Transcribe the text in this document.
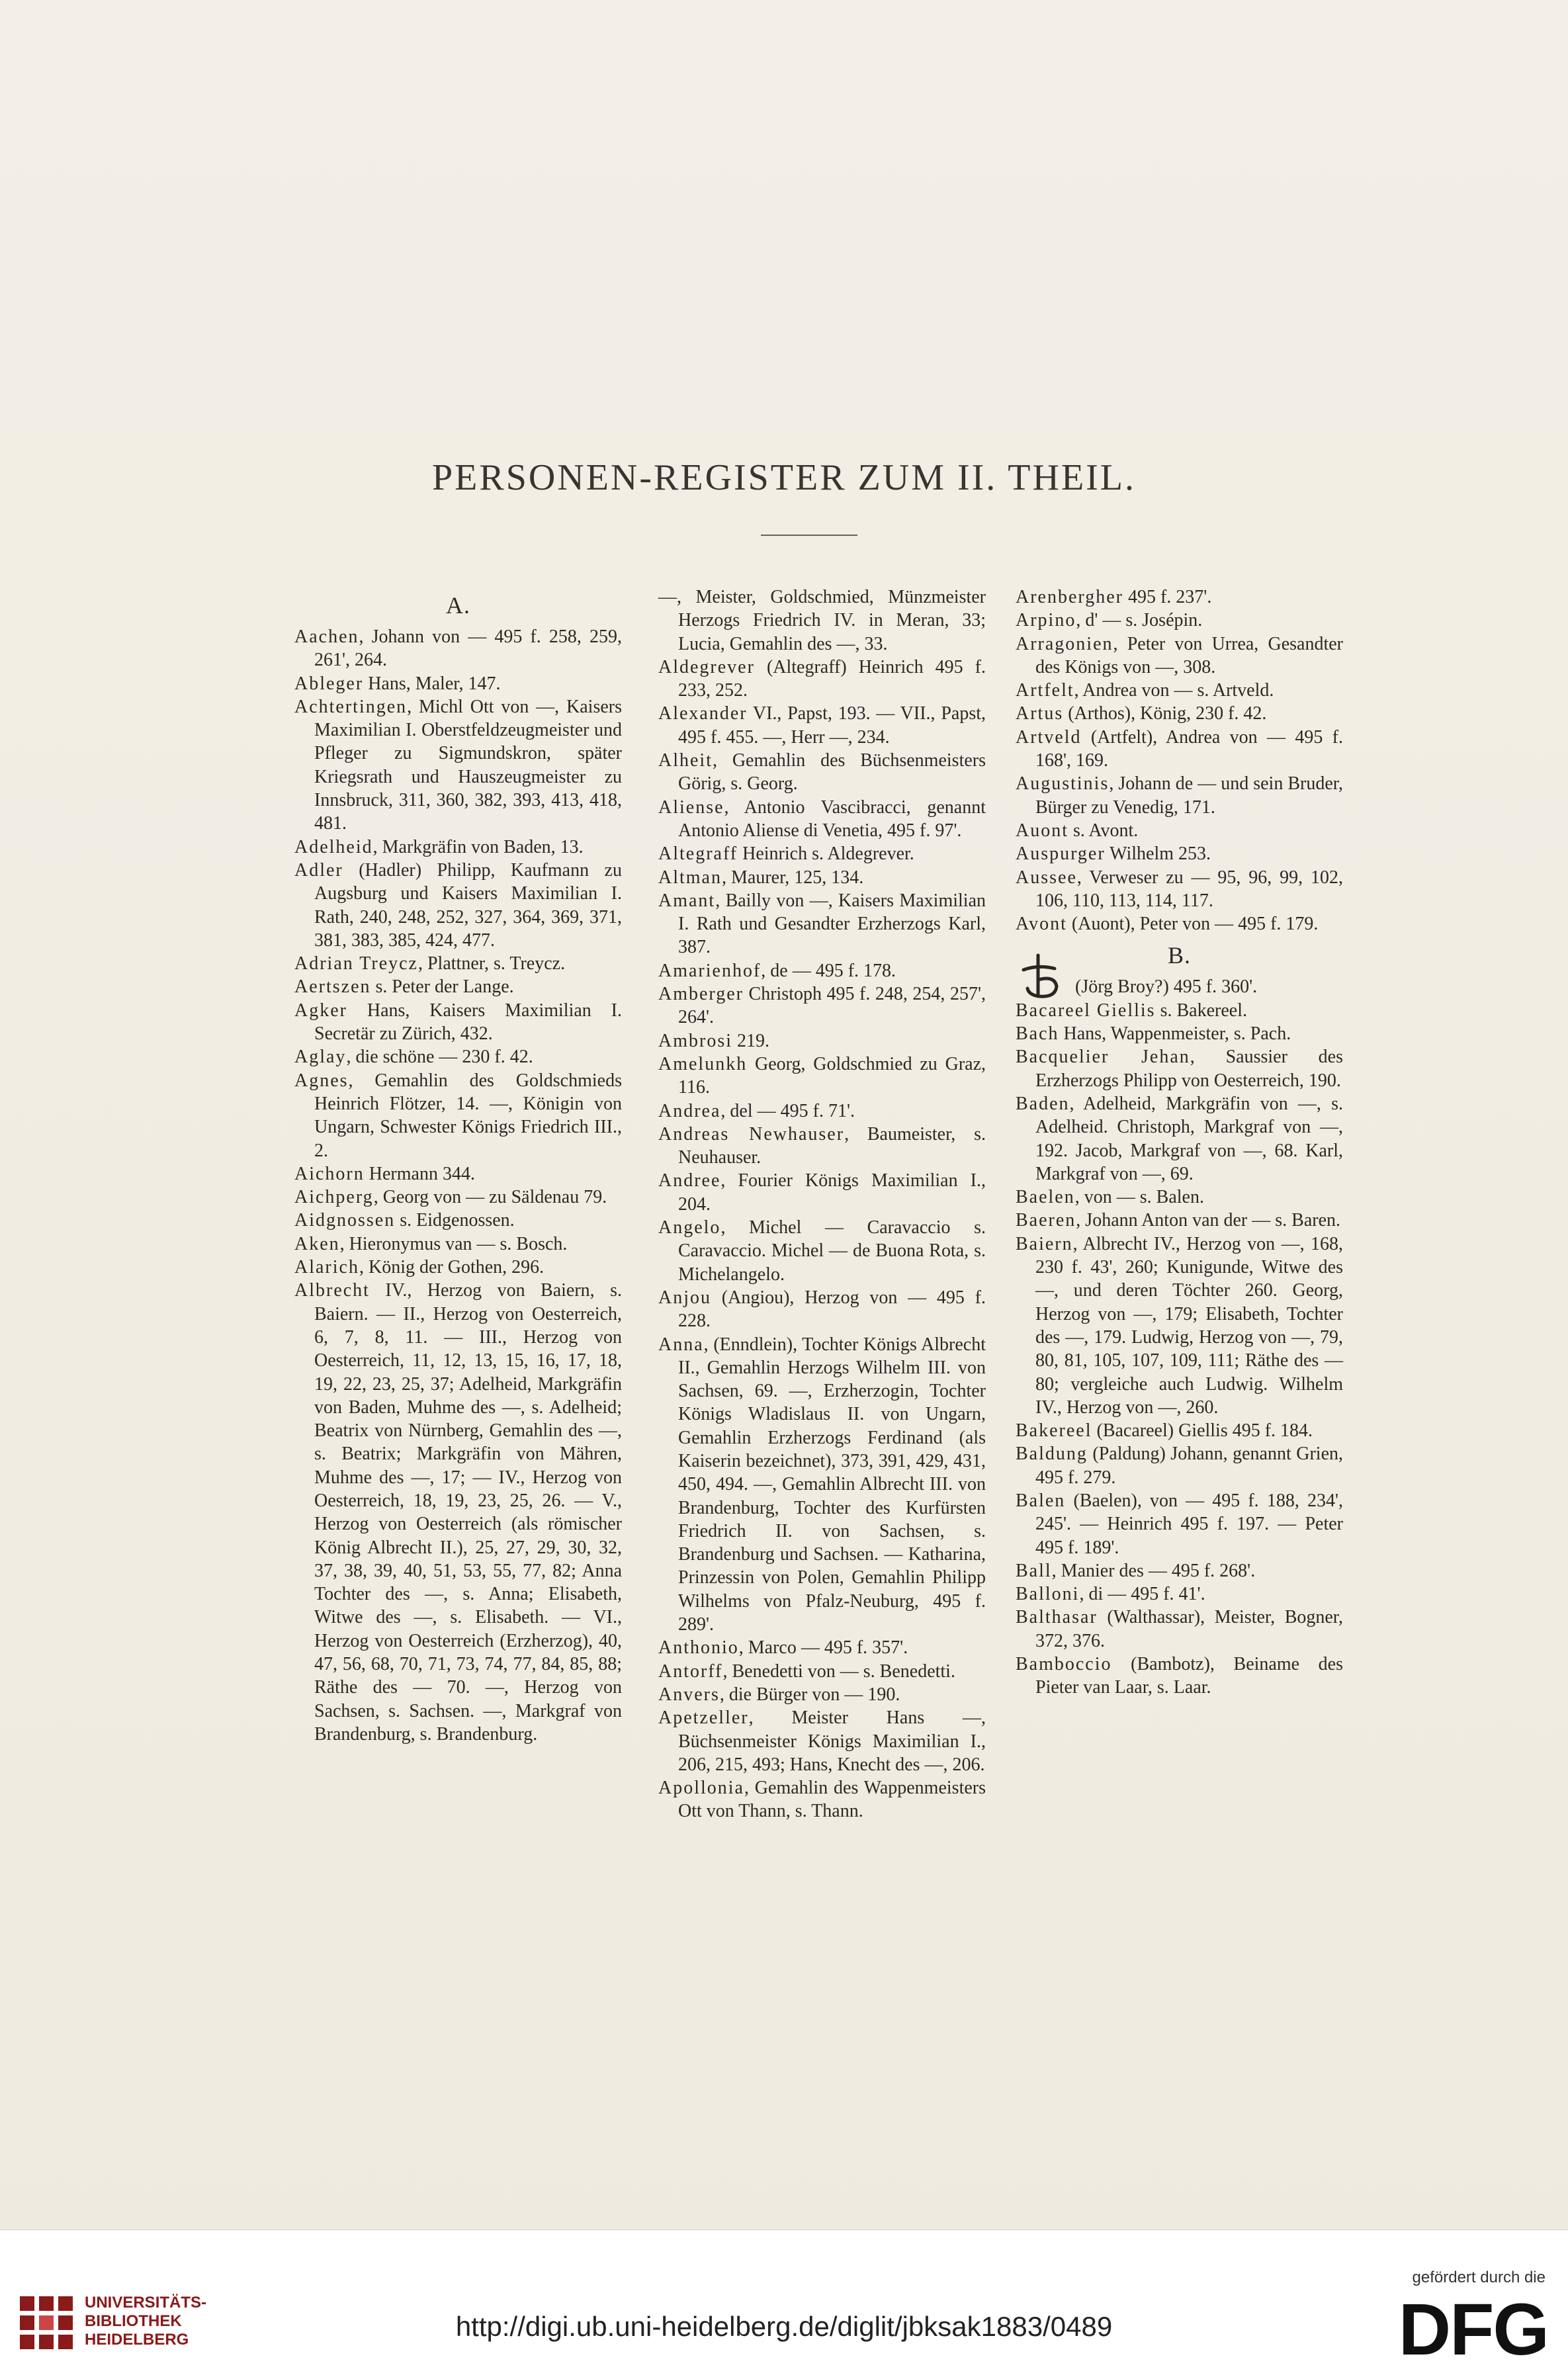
PERSONEN-REGISTER ZUM II. THEIL.
A.

Aachen, Johann von — 495 f. 258, 259, 261', 264.

Ableger Hans, Maler, 147.

Achtertingen, Michl Ott von —, Kaisers Maximilian I. Oberstfeldzeugmeister und Pfleger zu Sigmundskron, später Kriegsrath und Hauszeugmeister zu Innsbruck, 311, 360, 382, 393, 413, 418, 481.

Adelheid, Markgräfin von Baden, 13.

Adler (Hadler) Philipp, Kaufmann zu Augsburg und Kaisers Maximilian I. Rath, 240, 248, 252, 327, 364, 369, 371, 381, 383, 385, 424, 477.

Adrian Treycz, Plattner, s. Treycz.

Aertszen s. Peter der Lange.

Agker Hans, Kaisers Maximilian I. Secretär zu Zürich, 432.

Aglay, die schöne — 230 f. 42.

Agnes, Gemahlin des Goldschmieds Heinrich Flötzer, 14. —, Königin von Ungarn, Schwester Königs Friedrich III., 2.

Aichorn Hermann 344.

Aichperg, Georg von — zu Säldenau 79.

Aidgnossen s. Eidgenossen.

Aken, Hieronymus van — s. Bosch.

Alarich, König der Gothen, 296.

Albrecht IV., Herzog von Baiern, s. Baiern. — II., Herzog von Oesterreich, 6, 7, 8, 11. — III., Herzog von Oesterreich, 11, 12, 13, 15, 16, 17, 18, 19, 22, 23, 25, 37; Adelheid, Markgräfin von Baden, Muhme des —, s. Adelheid; Beatrix von Nürnberg, Gemahlin des —, s. Beatrix; Markgräfin von Mähren, Muhme des —, 17; — IV., Herzog von Oesterreich, 18, 19, 23, 25, 26. — V., Herzog von Oesterreich (als römischer König Albrecht II.), 25, 27, 29, 30, 32, 37, 38, 39, 40, 51, 53, 55, 77, 82; Anna Tochter des —, s. Anna; Elisabeth, Witwe des —, s. Elisabeth. — VI., Herzog von Oesterreich (Erzherzog), 40, 47, 56, 68, 70, 71, 73, 74, 77, 84, 85, 88; Räthe des — 70. —, Herzog von Sachsen, s. Sachsen. —, Markgraf von Brandenburg, s. Brandenburg.

—, Meister, Goldschmied, Münzmeister Herzogs Friedrich IV. in Meran, 33; Lucia, Gemahlin des —, 33.

Aldegrever (Altegraff) Heinrich 495 f. 233, 252.

Alexander VI., Papst, 193. — VII., Papst, 495 f. 455. —, Herr —, 234.

Alheit, Gemahlin des Büchsenmeisters Görig, s. Georg.

Aliense, Antonio Vascibracci, genannt Antonio Aliense di Venetia, 495 f. 97'.

Altegraff Heinrich s. Aldegrever.

Altman, Maurer, 125, 134.

Amant, Bailly von —, Kaisers Maximilian I. Rath und Gesandter Erzherzogs Karl, 387.

Amarienhof, de — 495 f. 178.

Amberger Christoph 495 f. 248, 254, 257', 264'.

Ambrosi 219.

Amelunkh Georg, Goldschmied zu Graz, 116.

Andrea, del — 495 f. 71'.

Andreas Newhauser, Baumeister, s. Neuhauser.

Andree, Fourier Königs Maximilian I., 204.

Angelo, Michel — Caravaccio s. Caravaccio. Michel — de Buona Rota, s. Michelangelo.

Anjou (Angiou), Herzog von — 495 f. 228.

Anna, (Enndlein), Tochter Königs Albrecht II., Gemahlin Herzogs Wilhelm III. von Sachsen, 69. —, Erzherzogin, Tochter Königs Wladislaus II. von Ungarn, Gemahlin Erzherzogs Ferdinand (als Kaiserin bezeichnet), 373, 391, 429, 431, 450, 494. —, Gemahlin Albrecht III. von Brandenburg, Tochter des Kurfürsten Friedrich II. von Sachsen, s. Brandenburg und Sachsen. — Katharina, Prinzessin von Polen, Gemahlin Philipp Wilhelms von Pfalz-Neuburg, 495 f. 289'.

Anthonio, Marco — 495 f. 357'.

Antorff, Benedetti von — s. Benedetti.

Anvers, die Bürger von — 190.

Apetzeller, Meister Hans —, Büchsenmeister Königs Maximilian I., 206, 215, 493; Hans, Knecht des —, 206.

Apollonia, Gemahlin des Wappenmeisters Ott von Thann, s. Thann.

Arenbergher 495 f. 237'.

Arpino, d' — s. Josépin.

Arragonien, Peter von Urrea, Gesandter des Königs von —, 308.

Artfelt, Andrea von — s. Artveld.

Artus (Arthos), König, 230 f. 42.

Artveld (Artfelt), Andrea von — 495 f. 168', 169.

Augustinis, Johann de — und sein Bruder, Bürger zu Venedig, 171.

Auont s. Avont.

Auspurger Wilhelm 253.

Aussee, Verweser zu — 95, 96, 99, 102, 106, 110, 113, 114, 117.

Avont (Auont), Peter von — 495 f. 179.

B.

(Jörg Broy?) 495 f. 360'.

Bacareel Giellis s. Bakereel.

Bach Hans, Wappenmeister, s. Pach.

Bacquelier Jehan, Saussier des Erzherzogs Philipp von Oesterreich, 190.

Baden, Adelheid, Markgräfin von —, s. Adelheid. Christoph, Markgraf von —, 192. Jacob, Markgraf von —, 68. Karl, Markgraf von —, 69.

Baelen, von — s. Balen.

Baeren, Johann Anton van der — s. Baren.

Baiern, Albrecht IV., Herzog von —, 168, 230 f. 43', 260; Kunigunde, Witwe des —, und deren Töchter 260. Georg, Herzog von —, 179; Elisabeth, Tochter des —, 179. Ludwig, Herzog von —, 79, 80, 81, 105, 107, 109, 111; Räthe des — 80; vergleiche auch Ludwig. Wilhelm IV., Herzog von —, 260.

Bakereel (Bacareel) Giellis 495 f. 184.

Baldung (Paldung) Johann, genannt Grien, 495 f. 279.

Balen (Baelen), von — 495 f. 188, 234', 245'. — Heinrich 495 f. 197. — Peter 495 f. 189'.

Ball, Manier des — 495 f. 268'.

Balloni, di — 495 f. 41'.

Balthasar (Walthassar), Meister, Bogner, 372, 376.

Bamboccio (Bambotz), Beiname des Pieter van Laar, s. Laar.

UNIVERSITÄTS-
BIBLIOTHEK
HEIDELBERG	http://digi.ub.uni-heidelberg.de/diglit/jbksak1883/0489
gefördert durch die
DFG
